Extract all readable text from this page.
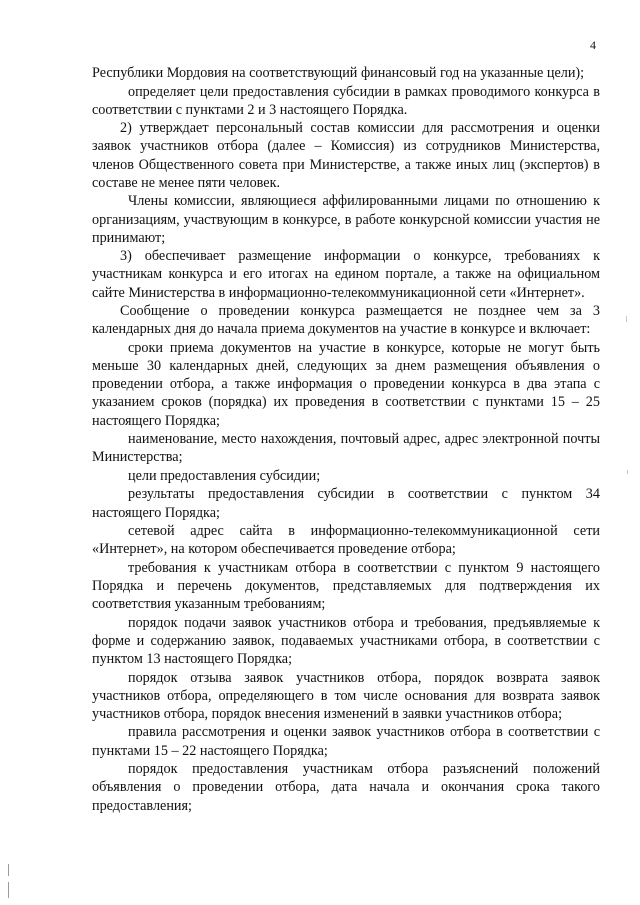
4

Республики Мордовия на соответствующий финансовый год на указанные цели);

определяет цели предоставления субсидии в рамках проводимого конкурса в соответствии с пунктами 2 и 3 настоящего Порядка.

2) утверждает персональный состав комиссии для рассмотрения и оценки заявок участников отбора (далее – Комиссия) из сотрудников Министерства, членов Общественного совета при Министерстве, а также иных лиц (экспертов) в составе не менее пяти человек.

Члены комиссии, являющиеся аффилированными лицами по отношению к организациям, участвующим в конкурсе, в работе конкурсной комиссии участия не принимают;

3) обеспечивает размещение информации о конкурсе, требованиях к участникам конкурса и его итогах на едином портале, а также на официальном сайте Министерства в информационно-телекоммуникационной сети «Интернет».

Сообщение о проведении конкурса размещается не позднее чем за 3 календарных дня до начала приема документов на участие в конкурсе и включает:

сроки приема документов на участие в конкурсе, которые не могут быть меньше 30 календарных дней, следующих за днем размещения объявления о проведении отбора, а также информация о проведении конкурса в два этапа с указанием сроков (порядка) их проведения в соответствии с пунктами 15 – 25 настоящего Порядка;

наименование, место нахождения, почтовый адрес, адрес электронной почты Министерства;

цели предоставления субсидии;

результаты предоставления субсидии в соответствии с пунктом 34 настоящего Порядка;

сетевой адрес сайта в информационно-телекоммуникационной сети «Интернет», на котором обеспечивается проведение отбора;

требования к участникам отбора в соответствии с пунктом 9 настоящего Порядка и перечень документов, представляемых для подтверждения их соответствия указанным требованиям;

порядок подачи заявок участников отбора и требования, предъявляемые к форме и содержанию заявок, подаваемых участниками отбора, в соответствии с пунктом 13 настоящего Порядка;

порядок отзыва заявок участников отбора, порядок возврата заявок участников отбора, определяющего в том числе основания для возврата заявок участников отбора, порядок внесения изменений в заявки участников отбора;

правила рассмотрения и оценки заявок участников отбора в соответствии с пунктами 15 – 22 настоящего Порядка;

порядок предоставления участникам отбора разъяснений положений объявления о проведении отбора, дата начала и окончания срока такого предоставления;
